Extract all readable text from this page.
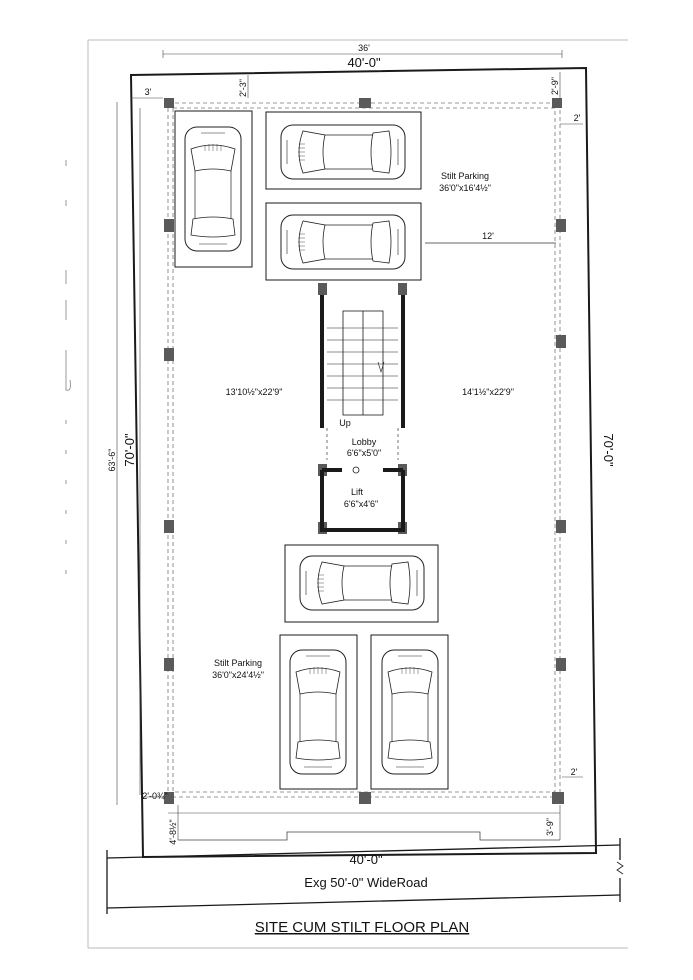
12'
36'
40'-0"
3'	2'-3"	2'-9"
2'
63'-6" 70'-0"	70'-0"
2'-0¾"
4'-8½"	3'-9"
2'
Stilt Parking
36'0"x16'4½"
13'10½"x22'9"	14'1½"x22'9"
Up
Lobby
6'6"x5'0"
Lift
6'6"x4'6"
Stilt Parking
36'0"x24'4½"
40'-0"
Exg 50'-0" WideRoad
SITE CUM STILT FLOOR PLAN
